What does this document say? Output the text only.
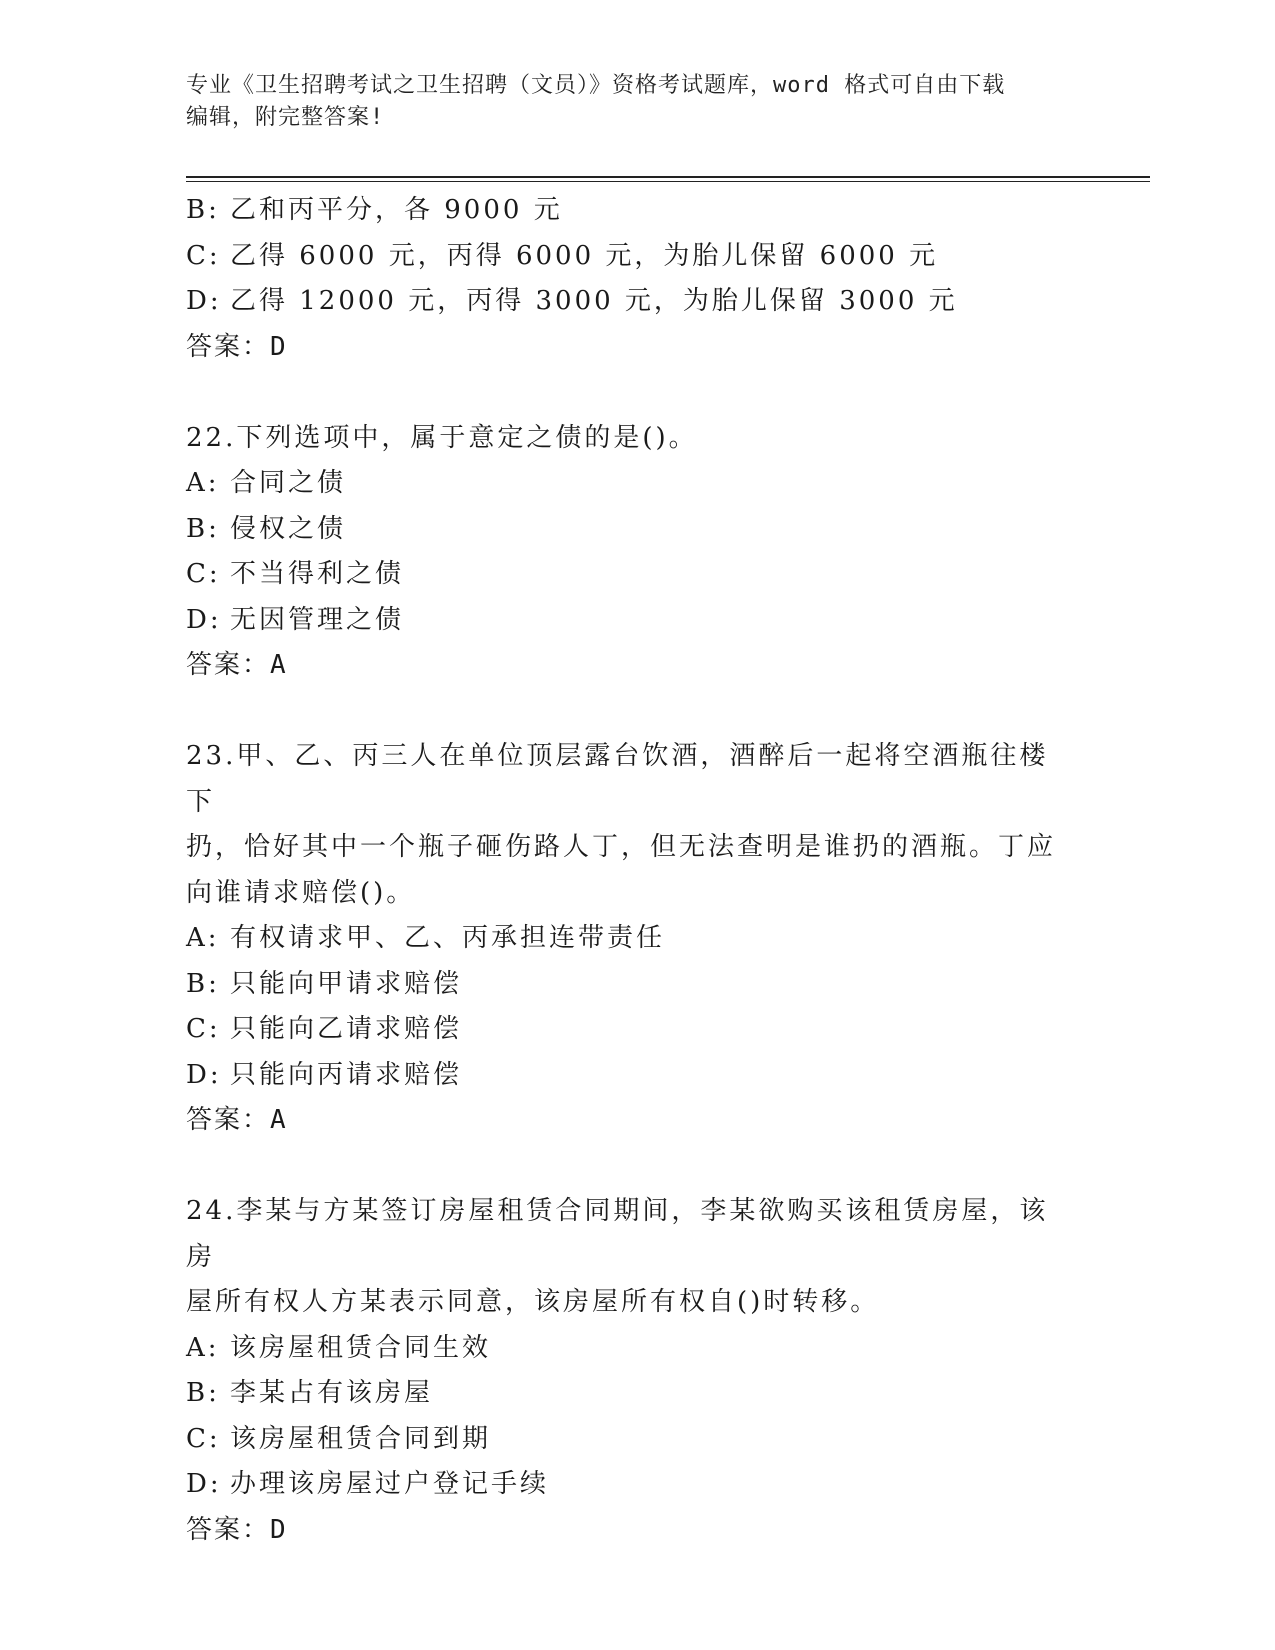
专业《卫生招聘考试之卫生招聘（文员）》资格考试题库，word 格式可自由下载
编辑，附完整答案!

B: 乙和丙平分，各 9000 元

C: 乙得 6000 元，丙得 6000 元，为胎儿保留 6000 元

D: 乙得 12000 元，丙得 3000 元，为胎儿保留 3000 元

答案：D

22.下列选项中，属于意定之债的是()。

A: 合同之债

B: 侵权之债

C: 不当得利之债

D: 无因管理之债

答案：A

23.甲、乙、丙三人在单位顶层露台饮酒，酒醉后一起将空酒瓶往楼下

扔，恰好其中一个瓶子砸伤路人丁，但无法查明是谁扔的酒瓶。丁应

向谁请求赔偿()。

A: 有权请求甲、乙、丙承担连带责任

B: 只能向甲请求赔偿

C: 只能向乙请求赔偿

D: 只能向丙请求赔偿

答案：A

24.李某与方某签订房屋租赁合同期间，李某欲购买该租赁房屋，该房

屋所有权人方某表示同意，该房屋所有权自()时转移。

A: 该房屋租赁合同生效

B: 李某占有该房屋

C: 该房屋租赁合同到期

D: 办理该房屋过户登记手续

答案：D
